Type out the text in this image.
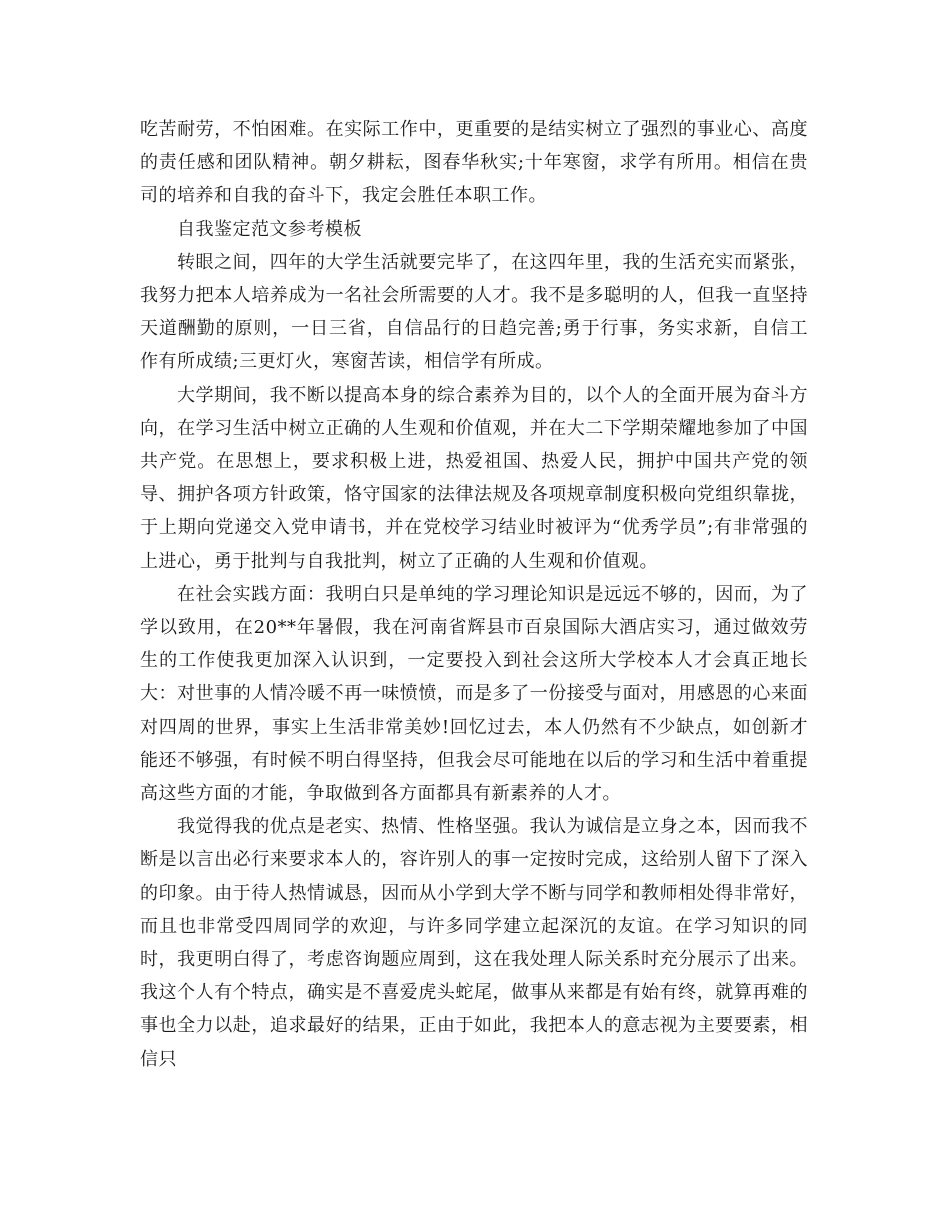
吃苦耐劳，不怕困难。在实际工作中，更重要的是结实树立了强烈的事业心、高度的责任感和团队精神。朝夕耕耘，图春华秋实;十年寒窗，求学有所用。相信在贵司的培养和自我的奋斗下，我定会胜任本职工作。

自我鉴定范文参考模板

转眼之间，四年的大学生活就要完毕了，在这四年里，我的生活充实而紧张，我努力把本人培养成为一名社会所需要的人才。我不是多聪明的人，但我一直坚持天道酬勤的原则，一日三省，自信品行的日趋完善;勇于行事，务实求新，自信工作有所成绩;三更灯火，寒窗苦读，相信学有所成。

大学期间，我不断以提高本身的综合素养为目的，以个人的全面开展为奋斗方向，在学习生活中树立正确的人生观和价值观，并在大二下学期荣耀地参加了中国共产党。在思想上，要求积极上进，热爱祖国、热爱人民，拥护中国共产党的领导、拥护各项方针政策，恪守国家的法律法规及各项规章制度积极向党组织靠拢，于上期向党递交入党申请书，并在党校学习结业时被评为“优秀学员”;有非常强的上进心，勇于批判与自我批判，树立了正确的人生观和价值观。

在社会实践方面：我明白只是单纯的学习理论知识是远远不够的，因而，为了学以致用，在20**年暑假，我在河南省辉县市百泉国际大酒店实习，通过做效劳生的工作使我更加深入认识到，一定要投入到社会这所大学校本人才会真正地长大：对世事的人情冷暖不再一味愤愤，而是多了一份接受与面对，用感恩的心来面对四周的世界，事实上生活非常美妙!回忆过去，本人仍然有不少缺点，如创新才能还不够强，有时候不明白得坚持，但我会尽可能地在以后的学习和生活中着重提高这些方面的才能，争取做到各方面都具有新素养的人才。

我觉得我的优点是老实、热情、性格坚强。我认为诚信是立身之本，因而我不断是以言出必行来要求本人的，容许别人的事一定按时完成，这给别人留下了深入的印象。由于待人热情诚恳，因而从小学到大学不断与同学和教师相处得非常好，而且也非常受四周同学的欢迎，与许多同学建立起深沉的友谊。在学习知识的同时，我更明白得了，考虑咨询题应周到，这在我处理人际关系时充分展示了出来。我这个人有个特点，确实是不喜爱虎头蛇尾，做事从来都是有始有终，就算再难的事也全力以赴，追求最好的结果，正由于如此，我把本人的意志视为主要要素，相信只
